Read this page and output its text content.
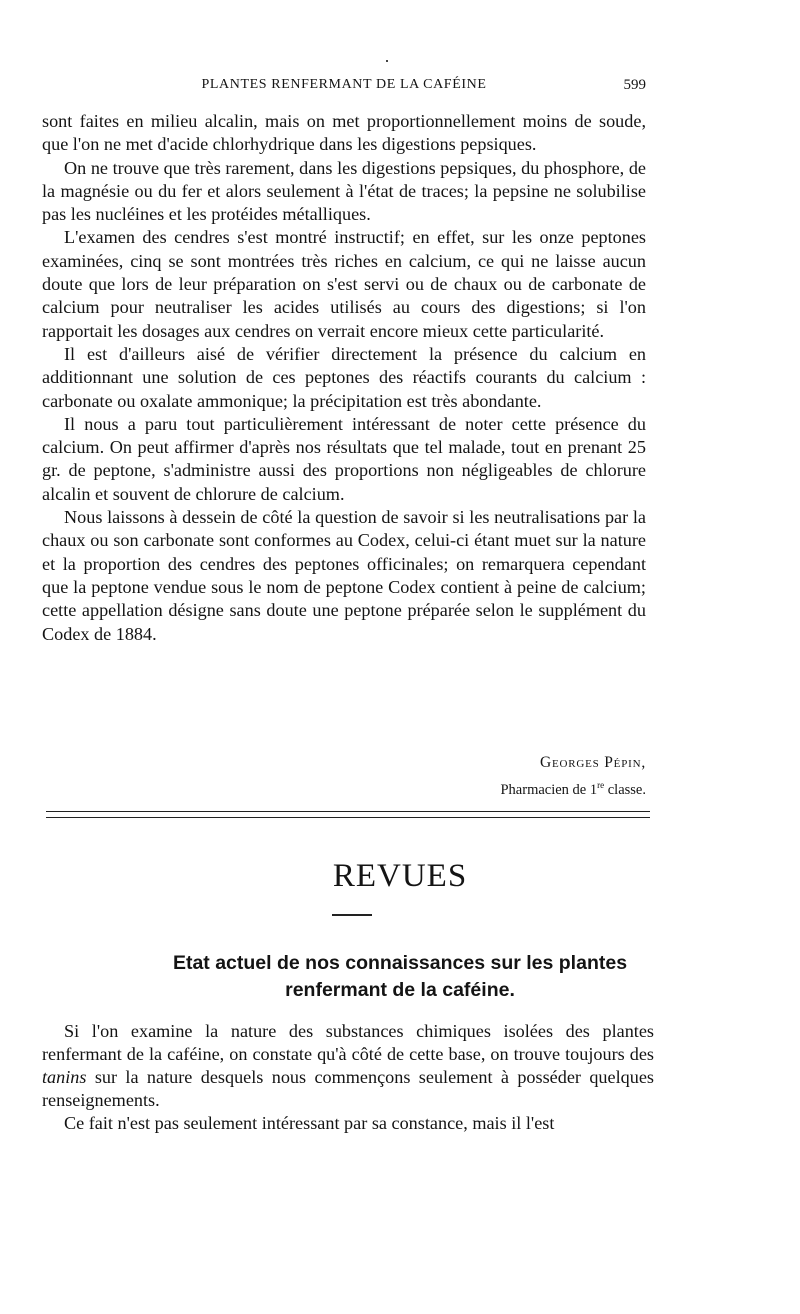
PLANTES RENFERMANT DE LA CAFÉINE	599

sont faites en milieu alcalin, mais on met proportionnellement moins de soude, que l'on ne met d'acide chlorhydrique dans les digestions pepsiques.

On ne trouve que très rarement, dans les digestions pepsiques, du phosphore, de la magnésie ou du fer et alors seulement à l'état de traces; la pepsine ne solubilise pas les nucléines et les protéides métalliques.

L'examen des cendres s'est montré instructif; en effet, sur les onze peptones examinées, cinq se sont montrées très riches en calcium, ce qui ne laisse aucun doute que lors de leur préparation on s'est servi ou de chaux ou de carbonate de calcium pour neutraliser les acides utilisés au cours des digestions; si l'on rapportait les dosages aux cendres on verrait encore mieux cette particularité.

Il est d'ailleurs aisé de vérifier directement la présence du calcium en additionnant une solution de ces peptones des réactifs courants du calcium : carbonate ou oxalate ammonique; la précipitation est très abondante.

Il nous a paru tout particulièrement intéressant de noter cette présence du calcium. On peut affirmer d'après nos résultats que tel malade, tout en prenant 25 gr. de peptone, s'administre aussi des proportions non négligeables de chlorure alcalin et souvent de chlorure de calcium.

Nous laissons à dessein de côté la question de savoir si les neutralisations par la chaux ou son carbonate sont conformes au Codex, celui-ci étant muet sur la nature et la proportion des cendres des peptones officinales; on remarquera cependant que la peptone vendue sous le nom de peptone Codex contient à peine de calcium; cette appellation désigne sans doute une peptone préparée selon le supplément du Codex de 1884.

Georges Pépin,
Pharmacien de 1re classe.
REVUES
Etat actuel de nos connaissances sur les plantes
renfermant de la caféine.

Si l'on examine la nature des substances chimiques isolées des plantes renfermant de la caféine, on constate qu'à côté de cette base, on trouve toujours des tanins sur la nature desquels nous commençons seulement à posséder quelques renseignements.

Ce fait n'est pas seulement intéressant par sa constance, mais il l'est
